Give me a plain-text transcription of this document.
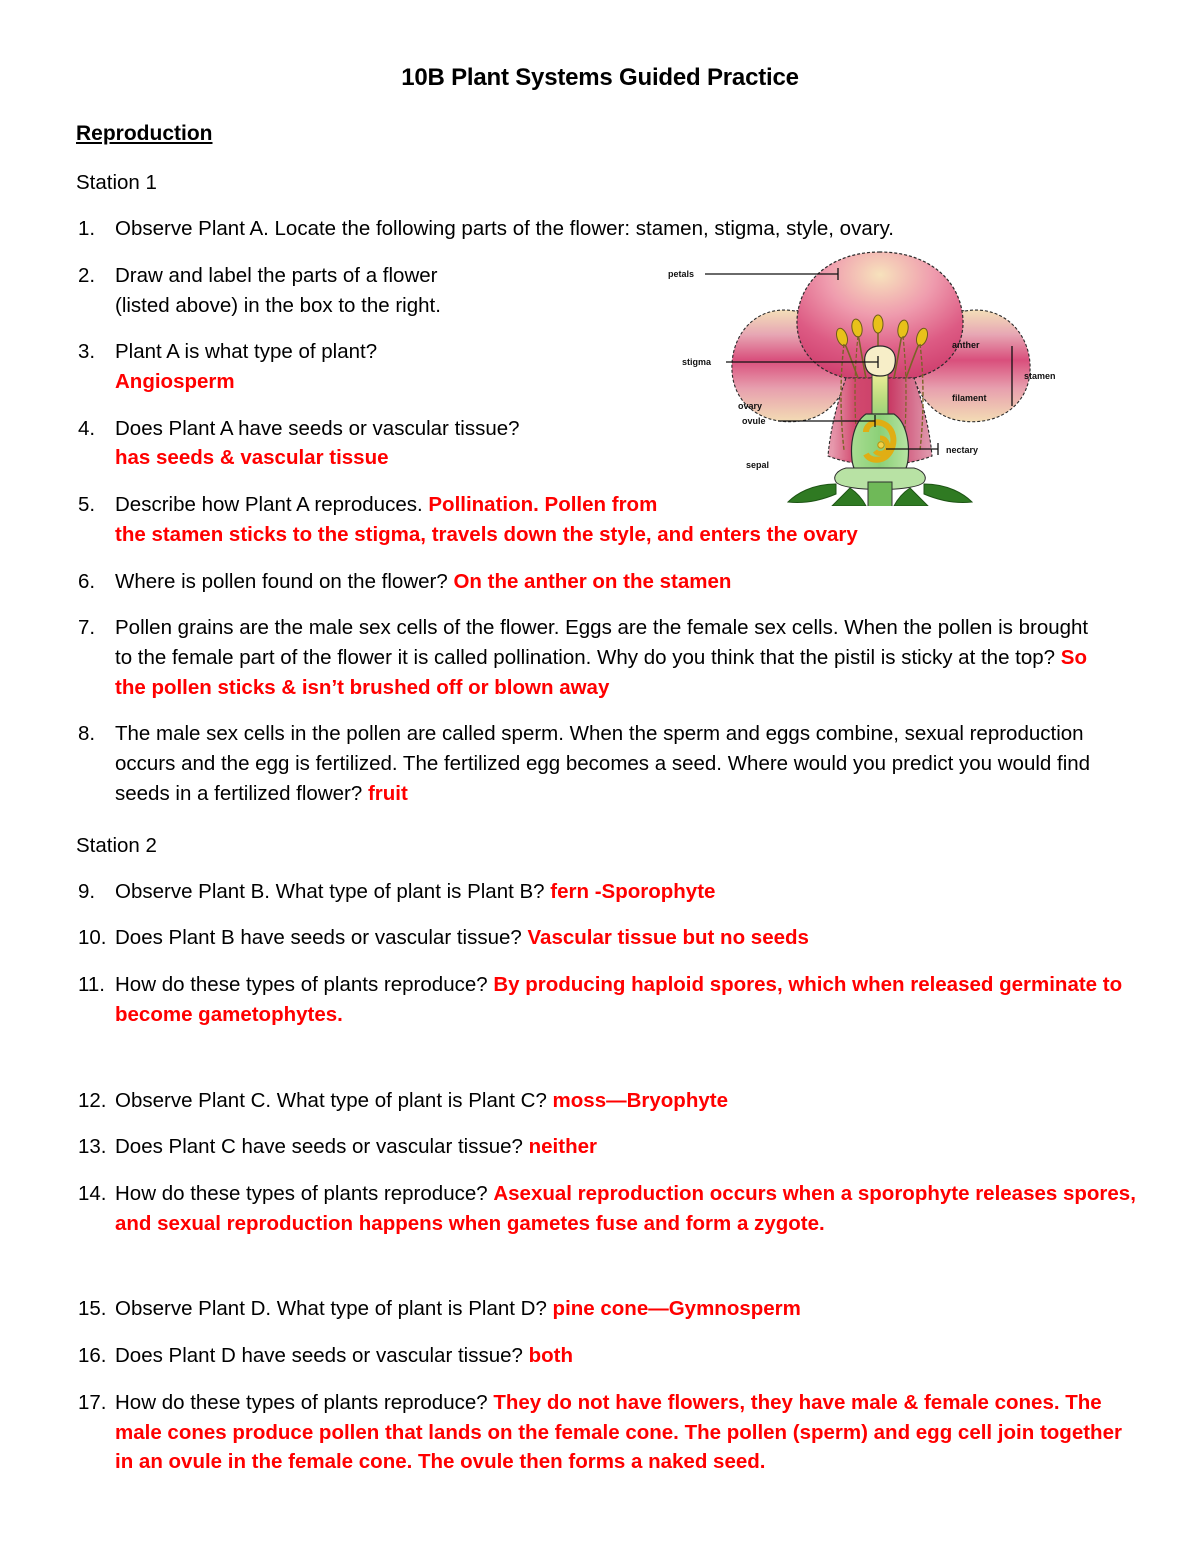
10B Plant Systems Guided Practice
Reproduction
Station 1
petals
stigma
ovary
ovule
sepal
anther
stamen
filament
nectary
1. Observe Plant A. Locate the following parts of the flower: stamen, stigma, style, ovary.
2. Draw and label the parts of a flower
(listed above) in the box to the right.
3. Plant A is what type of plant?
Angiosperm
4. Does Plant A have seeds or vascular tissue?
has seeds & vascular tissue
5. Describe how Plant A reproduces. Pollination. Pollen from
the stamen sticks to the stigma, travels down the style, and enters the ovary
6. Where is pollen found on the flower? On the anther on the stamen
7. Pollen grains are the male sex cells of the flower. Eggs are the female sex cells. When the pollen is brought to the female part of the flower it is called pollination. Why do you think that the pistil is sticky at the top? So the pollen sticks & isn’t brushed off or blown away
8. The male sex cells in the pollen are called sperm. When the sperm and eggs combine, sexual reproduction occurs and the egg is fertilized. The fertilized egg becomes a seed. Where would you predict you would find seeds in a fertilized flower? fruit
Station 2
9. Observe Plant B. What type of plant is Plant B? fern -Sporophyte
10. Does Plant B have seeds or vascular tissue? Vascular tissue but no seeds
11. How do these types of plants reproduce? By producing haploid spores, which when released germinate to become gametophytes.
12. Observe Plant C. What type of plant is Plant C? moss—Bryophyte
13. Does Plant C have seeds or vascular tissue? neither
14. How do these types of plants reproduce? Asexual reproduction occurs when a sporophyte releases spores, and sexual reproduction happens when gametes fuse and form a zygote.
15. Observe Plant D. What type of plant is Plant D? pine cone—Gymnosperm
16. Does Plant D have seeds or vascular tissue? both
17. How do these types of plants reproduce? They do not have flowers, they have male & female cones. The male cones produce pollen that lands on the female cone. The pollen (sperm) and egg cell join together in an ovule in the female cone. The ovule then forms a naked seed.
